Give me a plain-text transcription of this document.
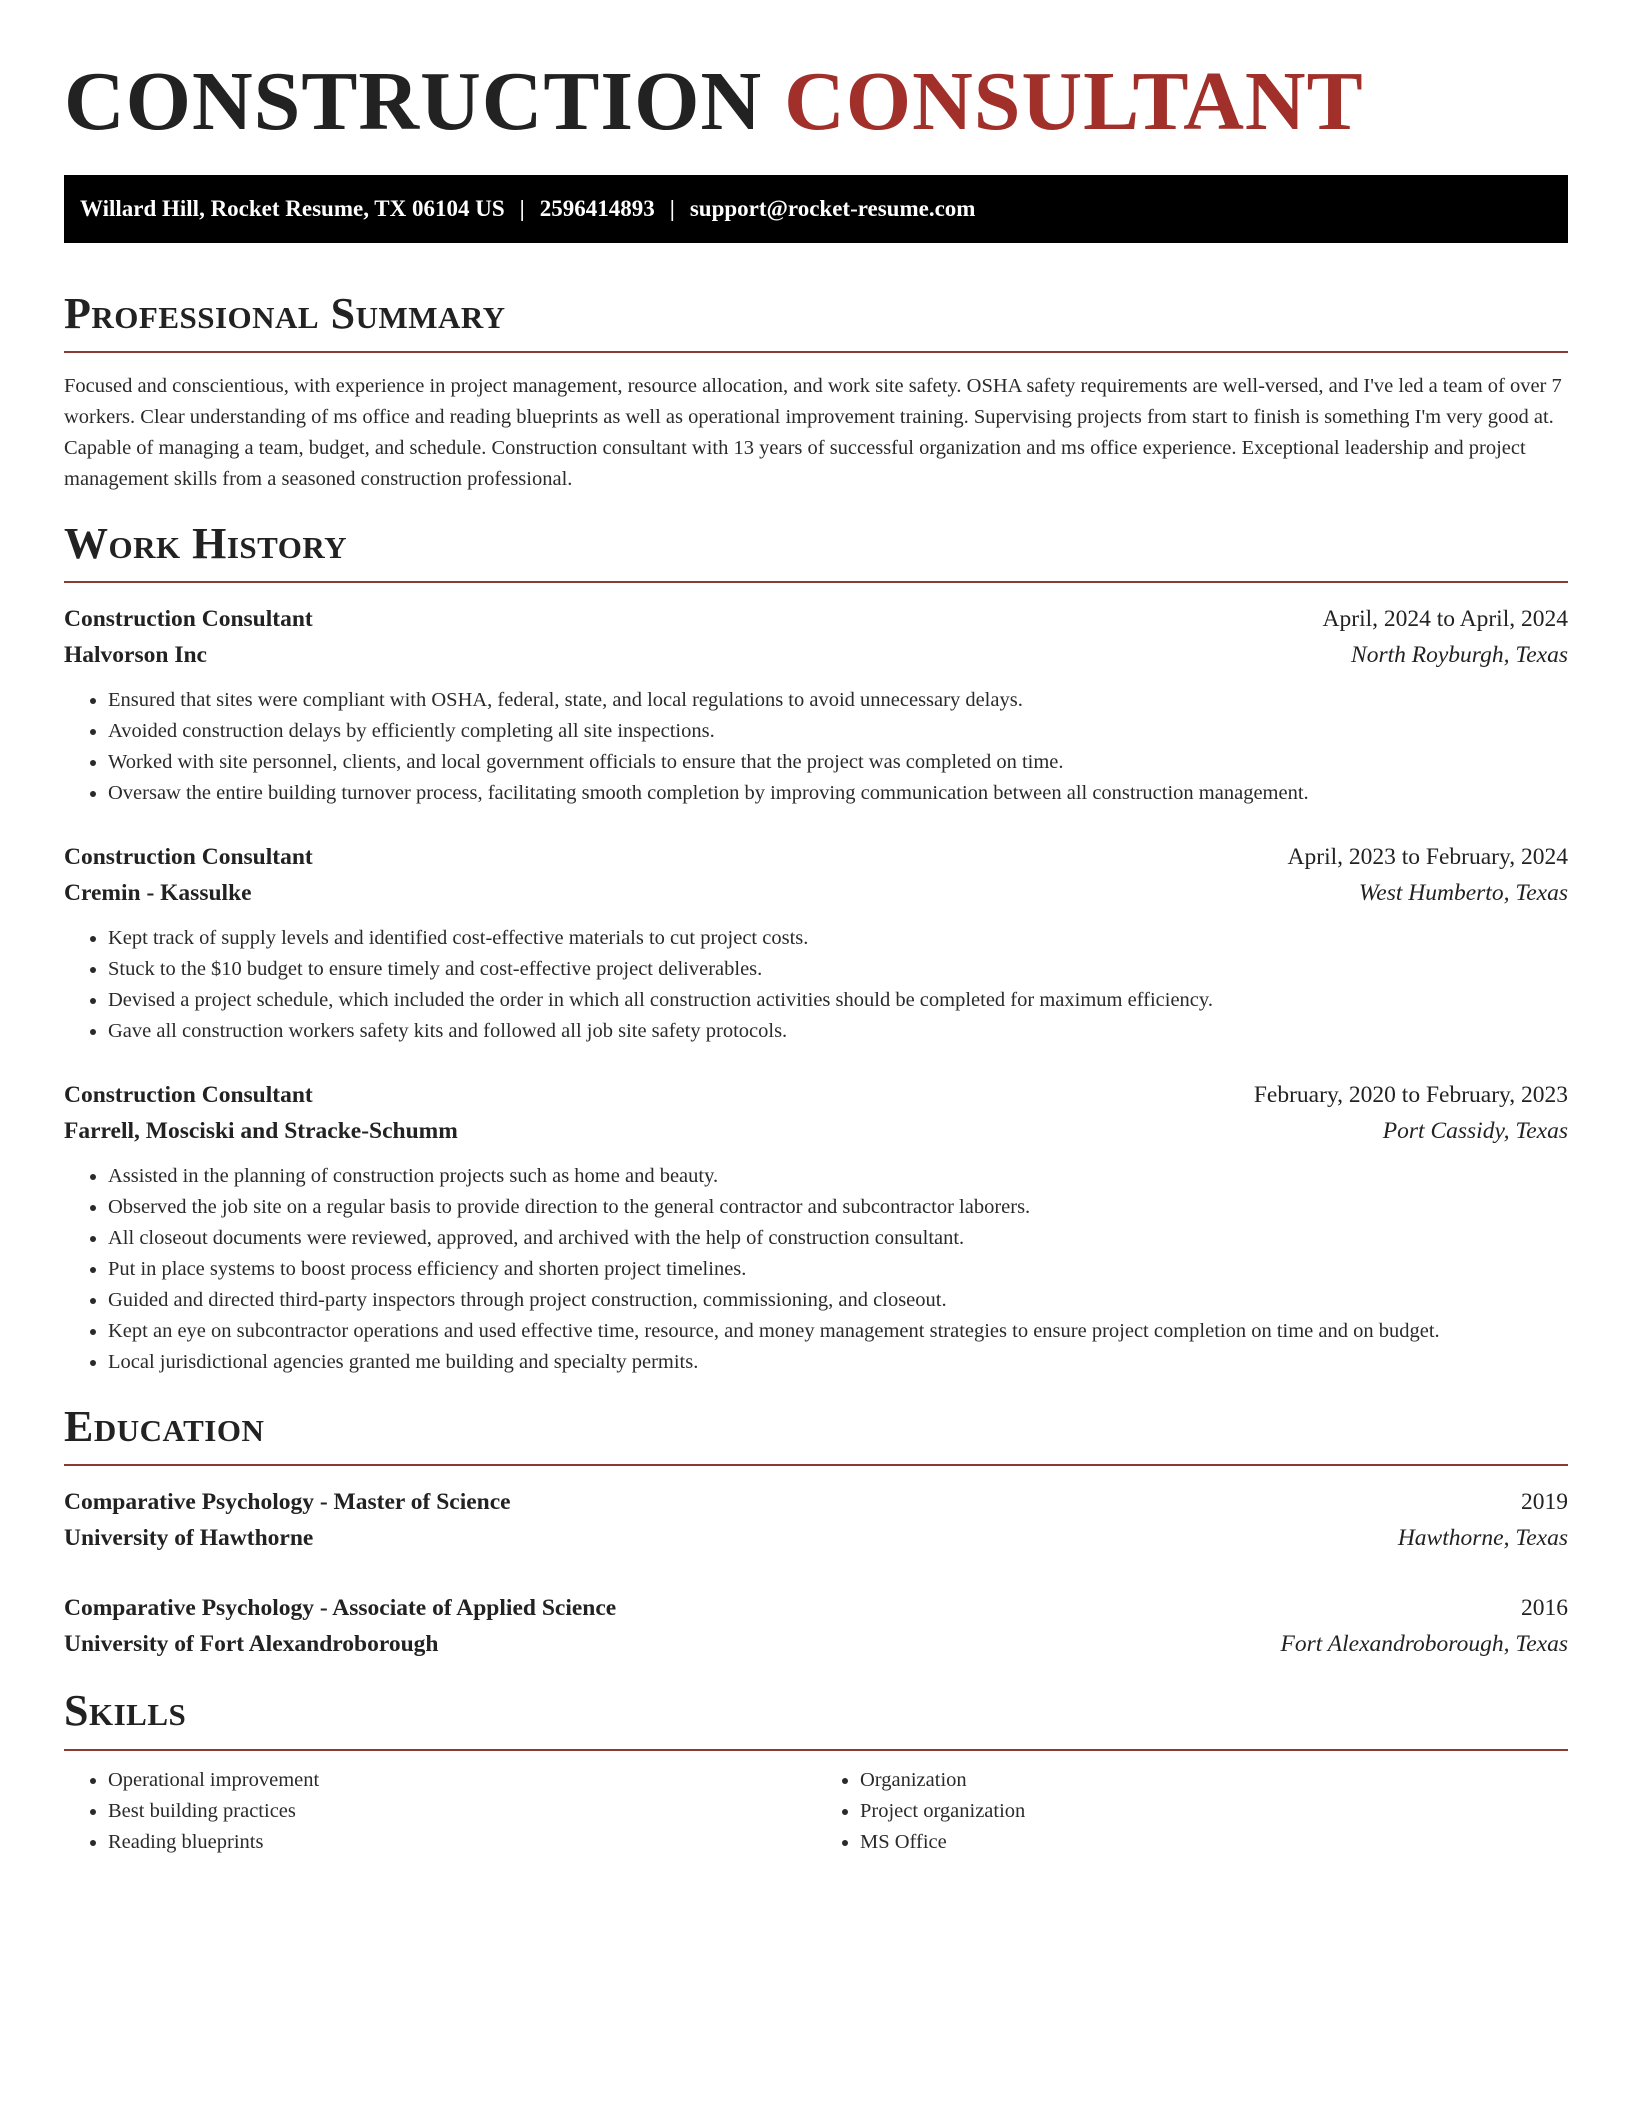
CONSTRUCTION CONSULTANT
Willard Hill, Rocket Resume, TX 06104 US | 2596414893 | support@rocket-resume.com
Professional Summary

Focused and conscientious, with experience in project management, resource allocation, and work site safety. OSHA safety requirements are well-versed, and I've led a team of over 7 workers. Clear understanding of ms office and reading blueprints as well as operational improvement training. Supervising projects from start to finish is something I'm very good at. Capable of managing a team, budget, and schedule. Construction consultant with 13 years of successful organization and ms office experience. Exceptional leadership and project management skills from a seasoned construction professional.

Work History
Construction Consultant	April, 2024 to April, 2024
Halvorson Inc	North Royburgh, Texas
• Ensured that sites were compliant with OSHA, federal, state, and local regulations to avoid unnecessary delays.
• Avoided construction delays by efficiently completing all site inspections.
• Worked with site personnel, clients, and local government officials to ensure that the project was completed on time.
• Oversaw the entire building turnover process, facilitating smooth completion by improving communication between all construction management.
Construction Consultant	April, 2023 to February, 2024
Cremin - Kassulke	West Humberto, Texas
• Kept track of supply levels and identified cost-effective materials to cut project costs.
• Stuck to the $10 budget to ensure timely and cost-effective project deliverables.
• Devised a project schedule, which included the order in which all construction activities should be completed for maximum efficiency.
• Gave all construction workers safety kits and followed all job site safety protocols.
Construction Consultant	February, 2020 to February, 2023
Farrell, Mosciski and Stracke-Schumm	Port Cassidy, Texas
• Assisted in the planning of construction projects such as home and beauty.
• Observed the job site on a regular basis to provide direction to the general contractor and subcontractor laborers.
• All closeout documents were reviewed, approved, and archived with the help of construction consultant.
• Put in place systems to boost process efficiency and shorten project timelines.
• Guided and directed third-party inspectors through project construction, commissioning, and closeout.
• Kept an eye on subcontractor operations and used effective time, resource, and money management strategies to ensure project completion on time and on budget.
• Local jurisdictional agencies granted me building and specialty permits.
Education
Comparative Psychology - Master of Science	2019
University of Hawthorne	Hawthorne, Texas
Comparative Psychology - Associate of Applied Science	2016
University of Fort Alexandroborough	Fort Alexandroborough, Texas
Skills
• Operational improvement
• Best building practices
• Reading blueprints
• Organization
• Project organization
• MS Office
